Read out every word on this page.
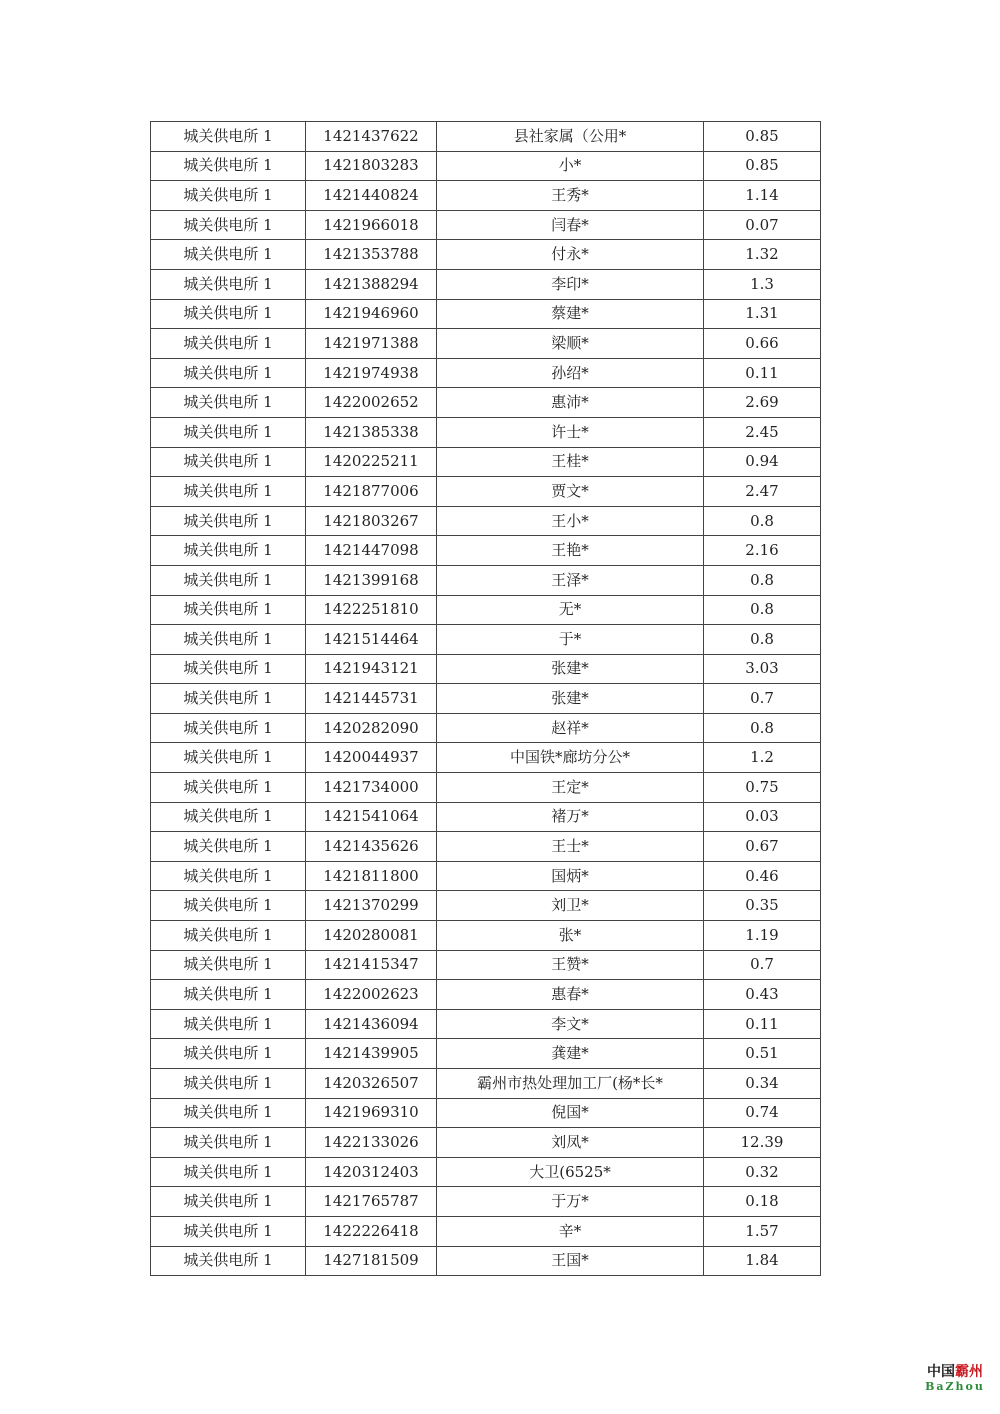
城关供电所 1	1421437622	县社家属（公用*	0.85
城关供电所 1	1421803283	小*	0.85
城关供电所 1	1421440824	王秀*	1.14
城关供电所 1	1421966018	闫春*	0.07
城关供电所 1	1421353788	付永*	1.32
城关供电所 1	1421388294	李印*	1.3
城关供电所 1	1421946960	蔡建*	1.31
城关供电所 1	1421971388	梁顺*	0.66
城关供电所 1	1421974938	孙绍*	0.11
城关供电所 1	1422002652	惠沛*	2.69
城关供电所 1	1421385338	许士*	2.45
城关供电所 1	1420225211	王桂*	0.94
城关供电所 1	1421877006	贾文*	2.47
城关供电所 1	1421803267	王小*	0.8
城关供电所 1	1421447098	王艳*	2.16
城关供电所 1	1421399168	王泽*	0.8
城关供电所 1	1422251810	无*	0.8
城关供电所 1	1421514464	于*	0.8
城关供电所 1	1421943121	张建*	3.03
城关供电所 1	1421445731	张建*	0.7
城关供电所 1	1420282090	赵祥*	0.8
城关供电所 1	1420044937	中国铁*廊坊分公*	1.2
城关供电所 1	1421734000	王定*	0.75
城关供电所 1	1421541064	褚万*	0.03
城关供电所 1	1421435626	王士*	0.67
城关供电所 1	1421811800	国炳*	0.46
城关供电所 1	1421370299	刘卫*	0.35
城关供电所 1	1420280081	张*	1.19
城关供电所 1	1421415347	王赞*	0.7
城关供电所 1	1422002623	惠春*	0.43
城关供电所 1	1421436094	李文*	0.11
城关供电所 1	1421439905	龚建*	0.51
城关供电所 1	1420326507	霸州市热处理加工厂(杨*长*	0.34
城关供电所 1	1421969310	倪国*	0.74
城关供电所 1	1422133026	刘凤*	12.39
城关供电所 1	1420312403	大卫(6525*	0.32
城关供电所 1	1421765787	于万*	0.18
城关供电所 1	1422226418	辛*	1.57
城关供电所 1	1427181509	王国*	1.84
中国霸州
BaZhou
